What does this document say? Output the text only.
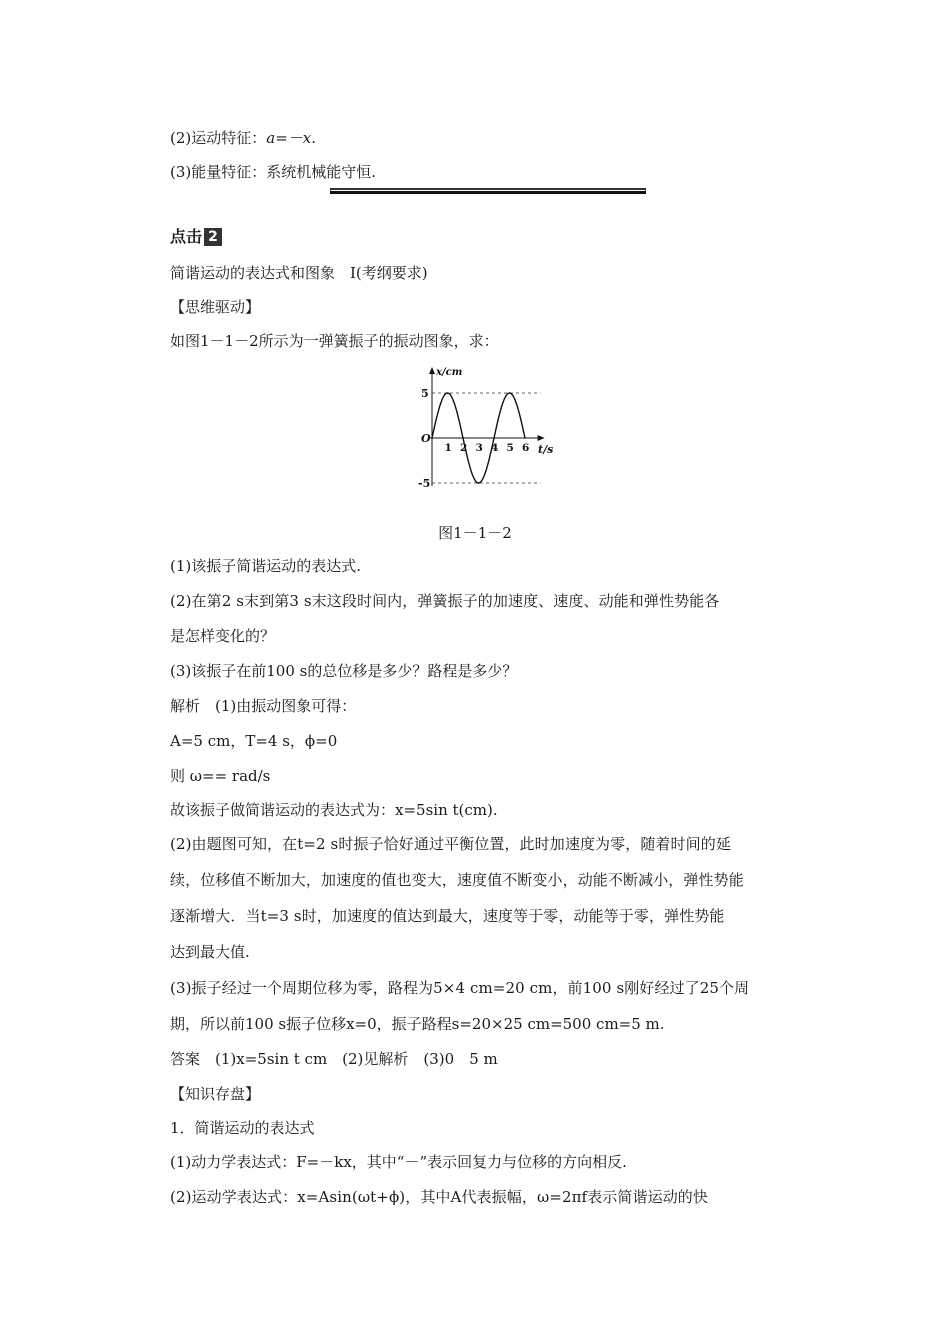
(2)运动特征：a=－x.
(3)能量特征：系统机械能守恒.
点击 2
简谐运动的表达式和图象　Ⅰ(考纲要求)
【思维驱动】
如图1－1－2所示为一弹簧振子的振动图象，求：
x/cm
t/s
O
5
-5
1 2 3 4 5 6
图1－1－2
(1)该振子简谐运动的表达式.
(2)在第2 s末到第3 s末这段时间内，弹簧振子的加速度、速度、动能和弹性势能各
是怎样变化的？
(3)该振子在前100 s的总位移是多少？路程是多少？
解析　(1)由振动图象可得：
A=5 cm，T=4 s，ϕ=0
则 ω== rad/s
故该振子做简谐运动的表达式为：x=5sin t(cm).
(2)由题图可知，在t=2 s时振子恰好通过平衡位置，此时加速度为零，随着时间的延
续，位移值不断加大，加速度的值也变大，速度值不断变小，动能不断减小，弹性势能
逐渐增大．当t=3 s时，加速度的值达到最大，速度等于零，动能等于零，弹性势能
达到最大值.
(3)振子经过一个周期位移为零，路程为5×4 cm=20 cm，前100 s刚好经过了25个周
期，所以前100 s振子位移x=0，振子路程s=20×25 cm=500 cm=5 m.
答案　(1)x=5sin t cm　(2)见解析　(3)0　5 m
【知识存盘】
1．简谐运动的表达式
(1)动力学表达式：F=－kx，其中“－”表示回复力与位移的方向相反.
(2)运动学表达式：x=Asin(ωt+ϕ)，其中A代表振幅，ω=2πf表示简谐运动的快
